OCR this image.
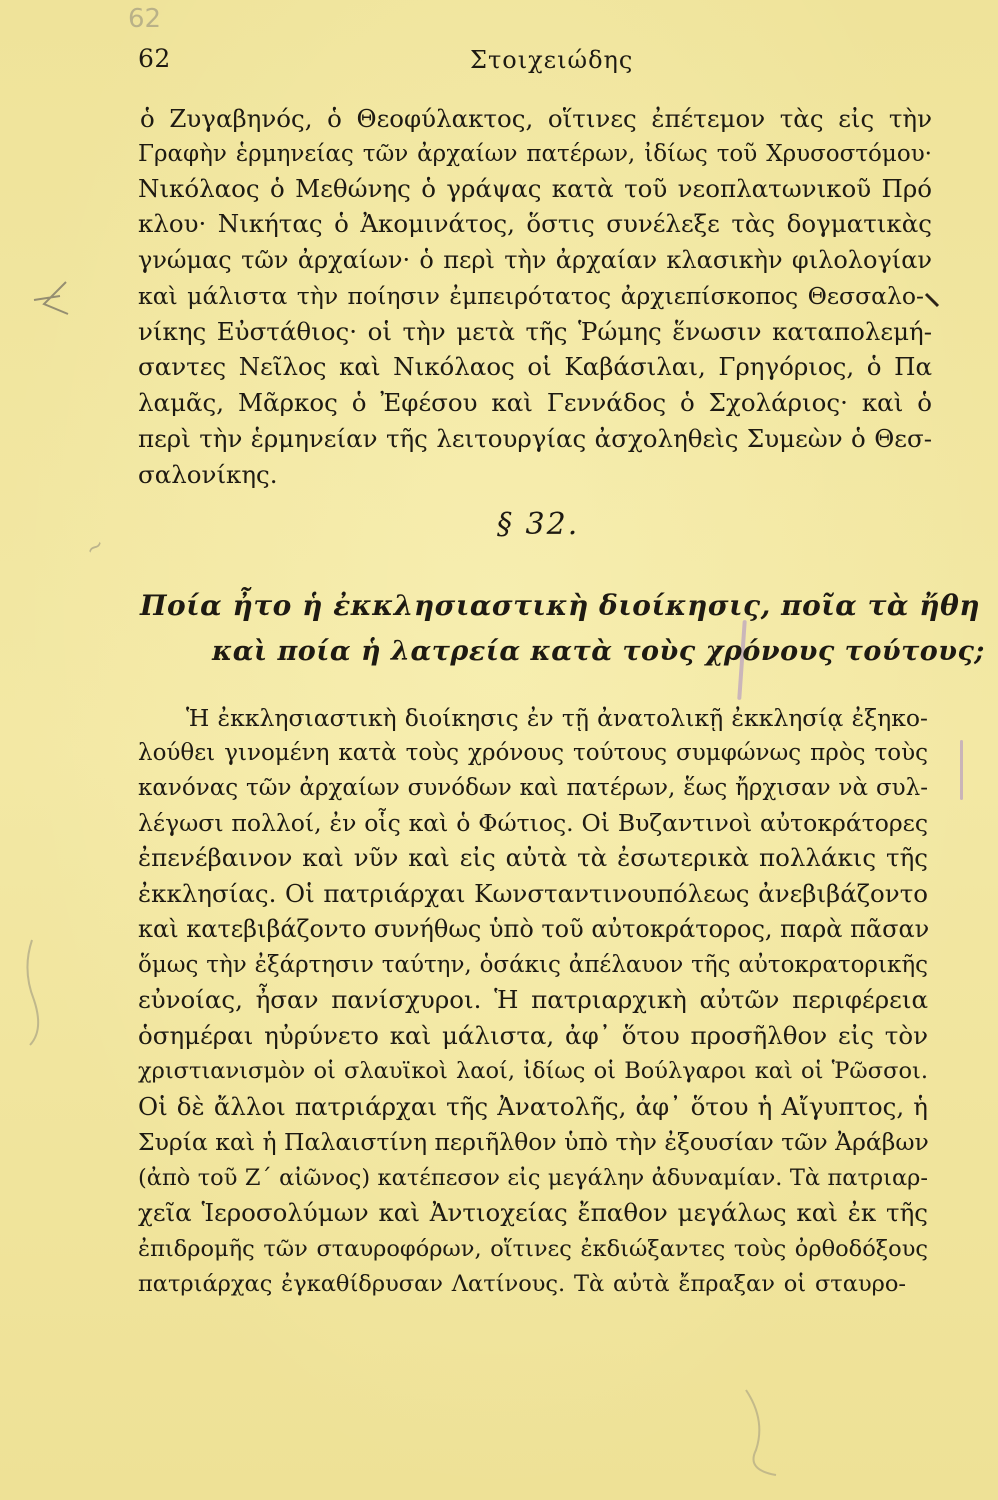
62
~
62	Στοιχειώδης
ὁ Ζυγαβηνός, ὁ Θεοφύλακτος, οἵτινες ἐπέτεμον τὰς εἰς τὴν
Γραφὴν ἑρμηνείας τῶν ἀρχαίων πατέρων, ἰδίως τοῦ Χρυσοστόμου·
Νικόλαος ὁ Μεθώνης ὁ γράψας κατὰ τοῦ νεοπλατωνικοῦ Πρό
κλου· Νικήτας ὁ Ἀκομινάτος, ὅστις συνέλεξε τὰς δογματικὰς
γνώμας τῶν ἀρχαίων· ὁ περὶ τὴν ἀρχαίαν κλασικὴν φιλολογίαν
καὶ μάλιστα τὴν ποίησιν ἐμπειρότατος ἀρχιεπίσκοπος Θεσσαλο-
νίκης Εὐστάθιος· οἱ τὴν μετὰ τῆς Ῥώμης ἕνωσιν καταπολεμή-
σαντες Νεῖλος καὶ Νικόλαος οἱ Καβάσιλαι, Γρηγόριος, ὁ Πα
λαμᾶς, Μᾶρκος ὁ Ἐφέσου καὶ Γεννάδος ὁ Σχολάριος· καὶ ὁ
περὶ τὴν ἑρμηνείαν τῆς λειτουργίας ἀσχοληθεὶς Συμεὼν ὁ Θεσ-
σαλονίκης.
§ 32.
Ποία ἦτο ἡ ἐκκλησιαστικὴ διοίκησις, ποῖα τὰ ἤθη
καὶ ποία ἡ λατρεία κατὰ τοὺς χρόνους τούτους;
Ἡ ἐκκλησιαστικὴ διοίκησις ἐν τῇ ἀνατολικῇ ἐκκλησίᾳ ἐξηκο-
λούθει γινομένη κατὰ τοὺς χρόνους τούτους συμφώνως πρὸς τοὺς
κανόνας τῶν ἀρχαίων συνόδων καὶ πατέρων, ἕως ἤρχισαν νὰ συλ-
λέγωσι πολλοί, ἐν οἷς καὶ ὁ Φώτιος. Οἱ Βυζαντινοὶ αὐτοκράτορες
ἐπενέβαινον καὶ νῦν καὶ εἰς αὐτὰ τὰ ἐσωτερικὰ πολλάκις τῆς
ἐκκλησίας. Οἱ πατριάρχαι Κωνσταντινουπόλεως ἀνεβιβάζοντο
καὶ κατεβιβάζοντο συνήθως ὑπὸ τοῦ αὐτοκράτορος, παρὰ πᾶσαν
ὅμως τὴν ἐξάρτησιν ταύτην, ὁσάκις ἀπέλαυον τῆς αὐτοκρατορικῆς
εὐνοίας, ἦσαν πανίσχυροι. Ἡ πατριαρχικὴ αὐτῶν περιφέρεια
ὁσημέραι ηὐρύνετο καὶ μάλιστα, ἀφ᾽ ὅτου προσῆλθον εἰς τὸν
χριστιανισμὸν οἱ σλαυϊκοὶ λαοί, ἰδίως οἱ Βούλγαροι καὶ οἱ Ῥῶσσοι.
Οἱ δὲ ἄλλοι πατριάρχαι τῆς Ἀνατολῆς, ἀφ᾽ ὅτου ἡ Αἴγυπτος, ἡ
Συρία καὶ ἡ Παλαιστίνη περιῆλθον ὑπὸ τὴν ἐξουσίαν τῶν Ἀράβων
(ἀπὸ τοῦ Ζ´ αἰῶνος) κατέπεσον εἰς μεγάλην ἀδυναμίαν. Τὰ πατριαρ-
χεῖα Ἱεροσολύμων καὶ Ἀντιοχείας ἔπαθον μεγάλως καὶ ἐκ τῆς
ἐπιδρομῆς τῶν σταυροφόρων, οἵτινες ἐκδιώξαντες τοὺς ὀρθοδόξους
πατριάρχας ἐγκαθίδρυσαν Λατίνους. Τὰ αὐτὰ ἔπραξαν οἱ σταυρο-
